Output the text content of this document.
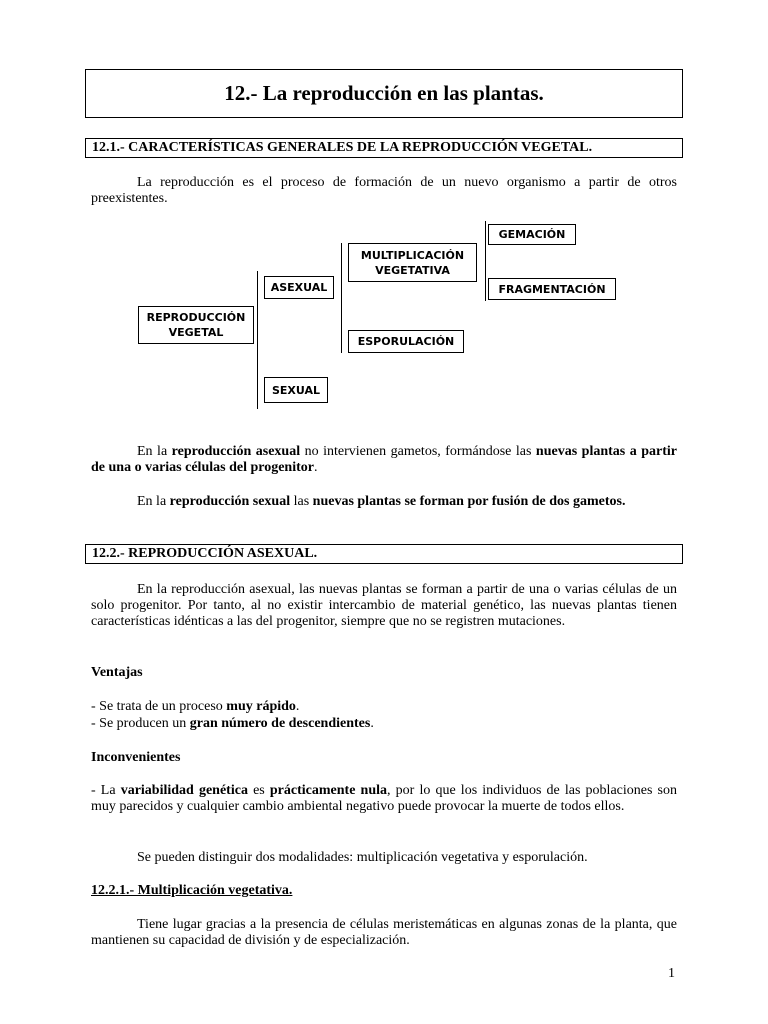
12.- La reproducción en las plantas.
12.1.- CARACTERÍSTICAS GENERALES DE LA REPRODUCCIÓN VEGETAL.

La reproducción es el proceso de formación de un nuevo organismo a partir de otros preexistentes.

REPRODUCCIÓN VEGETAL
ASEXUAL
SEXUAL
MULTIPLICACIÓN VEGETATIVA
ESPORULACIÓN
GEMACIÓN
FRAGMENTACIÓN

En la reproducción asexual no intervienen gametos, formándose las nuevas plantas a partir de una o varias células del progenitor.

En la reproducción sexual las nuevas plantas se forman por fusión de dos gametos.

12.2.- REPRODUCCIÓN ASEXUAL.

En la reproducción asexual, las nuevas plantas se forman a partir de una o varias células de un solo progenitor. Por tanto, al no existir intercambio de material genético, las nuevas plantas tienen características idénticas a las del progenitor, siempre que no se registren mutaciones.

Ventajas
- Se trata de un proceso muy rápido.
- Se producen un gran número de descendientes.
Inconvenientes

- La variabilidad genética es prácticamente nula, por lo que los individuos de las poblaciones son muy parecidos y cualquier cambio ambiental negativo puede provocar la muerte de todos ellos.

Se pueden distinguir dos modalidades: multiplicación vegetativa y esporulación.

12.2.1.- Multiplicación vegetativa.

Tiene lugar gracias a la presencia de células meristemáticas en algunas zonas de la planta, que mantienen su capacidad de división y de especialización.

1
